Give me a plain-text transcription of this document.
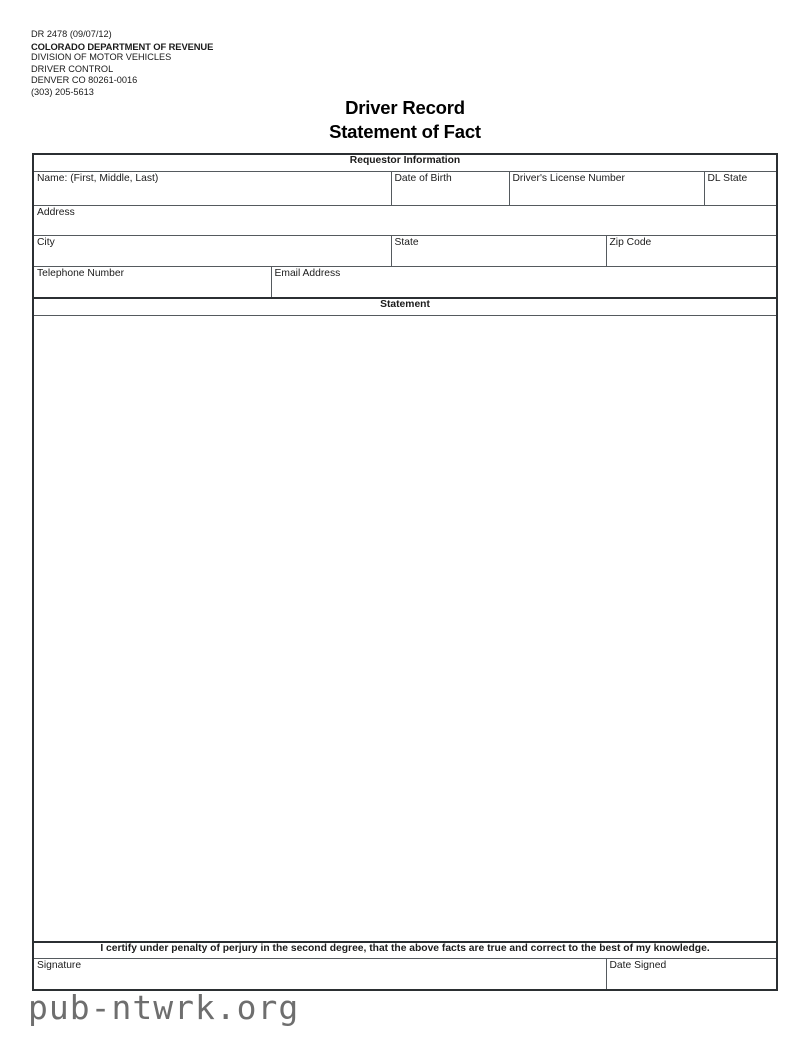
DR 2478 (09/07/12)
COLORADO DEPARTMENT OF REVENUE
DIVISION OF MOTOR VEHICLES
DRIVER CONTROL
DENVER CO 80261-0016
(303) 205-5613
Driver Record
Statement of Fact
Requestor Information					

Name: (First, Middle, Last)		Date of Birth	Driver's License Number		DL State

Address					

City		State		Zip Code	

Telephone Number	Email Address				

Statement					

I certify under penalty of perjury in the second degree, that the above facts are true and correct to the best of my knowledge.					

Signature				Date Signed	
pub-ntwrk.org
